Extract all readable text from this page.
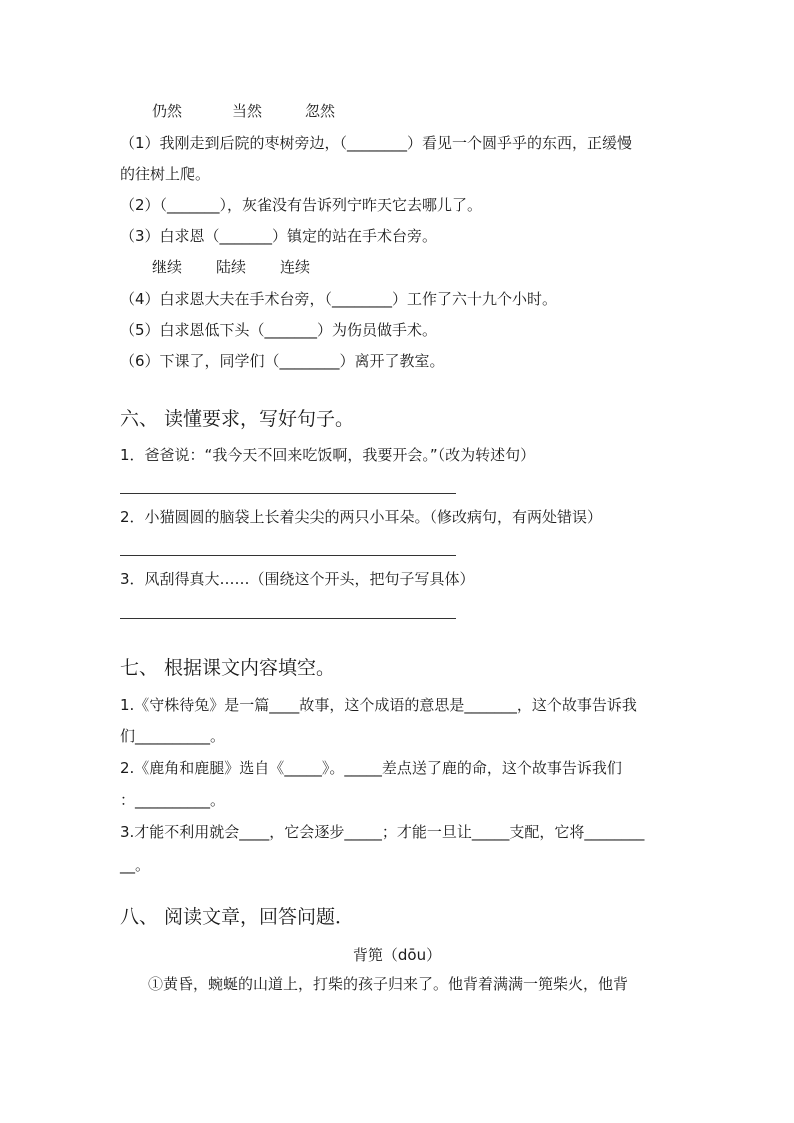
仍然	当然	忽然
（1）我刚走到后院的枣树旁边，（________）看见一个圆乎乎的东西，正缓慢
的往树上爬。
（2）（_______），灰雀没有告诉列宁昨天它去哪儿了。
（3）白求恩（_______）镇定的站在手术台旁。
继续 陆续 连续
（4）白求恩大夫在手术台旁，（________）工作了六十九个小时。
（5）白求恩低下头（_______）为伤员做手术。
（6）下课了，同学们（________）离开了教室。
六、 读懂要求，写好句子。
1．爸爸说：“我今天不回来吃饭啊，我要开会。”（改为转述句）
2．小猫圆圆的脑袋上长着尖尖的两只小耳朵。（修改病句，有两处错误）
3．风刮得真大……（围绕这个开头，把句子写具体）
七、 根据课文内容填空。
1.《守株待兔》是一篇____故事，这个成语的意思是_______，这个故事告诉我
们__________。
2.《鹿角和鹿腿》选自《_____》。_____差点送了鹿的命，这个故事告诉我们
：__________。
3.才能不利用就会____，它会逐步_____；才能一旦让_____支配，它将________
__。
八、 阅读文章，回答问题．
背篼（dōu）
①黄昏，蜿蜒的山道上，打柴的孩子归来了。他背着满满一篼柴火，他背
